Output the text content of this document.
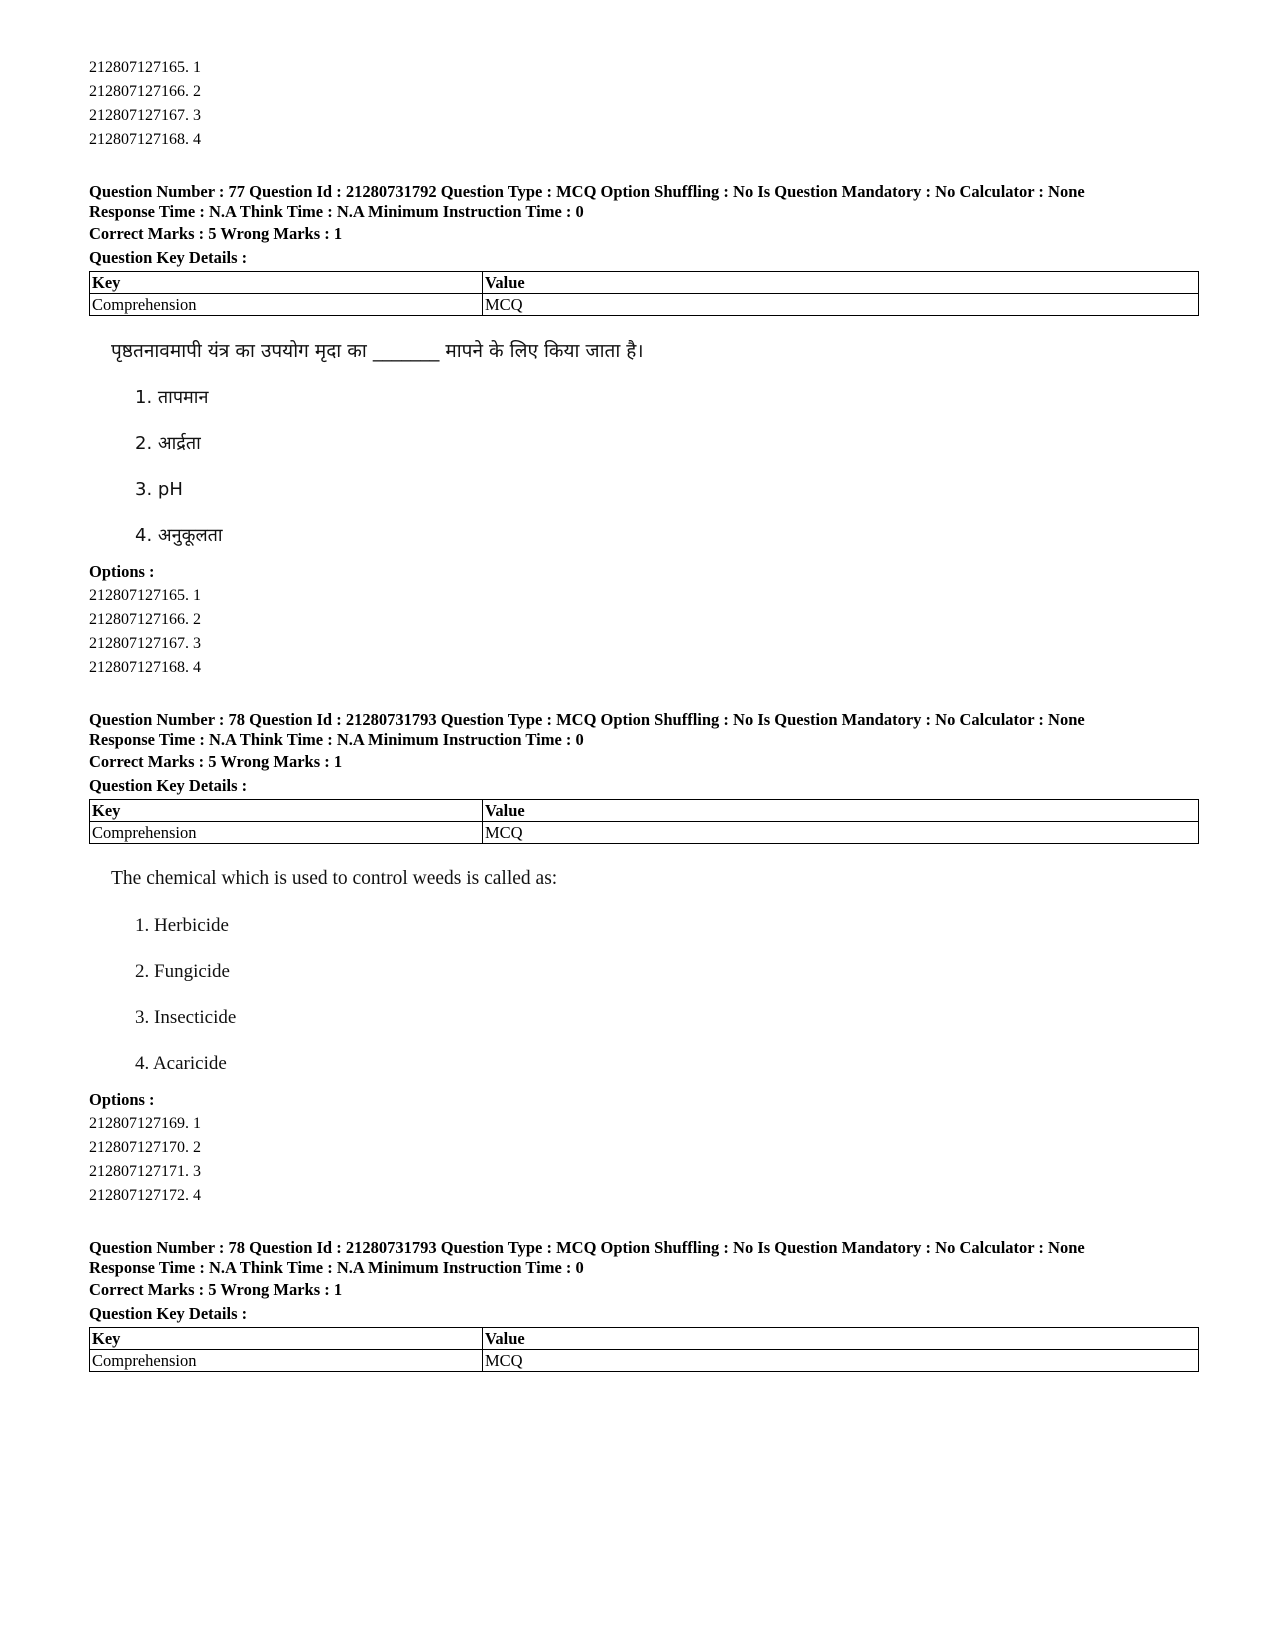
212807127165. 1
212807127166. 2
212807127167. 3
212807127168. 4
Question Number : 77 Question Id : 21280731792 Question Type : MCQ Option Shuffling : No Is Question Mandatory : No Calculator : None
Response Time : N.A Think Time : N.A Minimum Instruction Time : 0
Correct Marks : 5 Wrong Marks : 1
Question Key Details :
Key	Value
Comprehension	MCQ
पृष्ठतनावमापी यंत्र का उपयोग मृदा का _______ मापने के लिए किया जाता है।
1. तापमान
2. आर्द्रता
3. pH
4. अनुकूलता
Options :
212807127165. 1
212807127166. 2
212807127167. 3
212807127168. 4
Question Number : 78 Question Id : 21280731793 Question Type : MCQ Option Shuffling : No Is Question Mandatory : No Calculator : None
Response Time : N.A Think Time : N.A Minimum Instruction Time : 0
Correct Marks : 5 Wrong Marks : 1
Question Key Details :
Key	Value
Comprehension	MCQ
The chemical which is used to control weeds is called as:
1. Herbicide
2. Fungicide
3. Insecticide
4. Acaricide
Options :
212807127169. 1
212807127170. 2
212807127171. 3
212807127172. 4
Question Number : 78 Question Id : 21280731793 Question Type : MCQ Option Shuffling : No Is Question Mandatory : No Calculator : None
Response Time : N.A Think Time : N.A Minimum Instruction Time : 0
Correct Marks : 5 Wrong Marks : 1
Question Key Details :
Key	Value
Comprehension	MCQ
